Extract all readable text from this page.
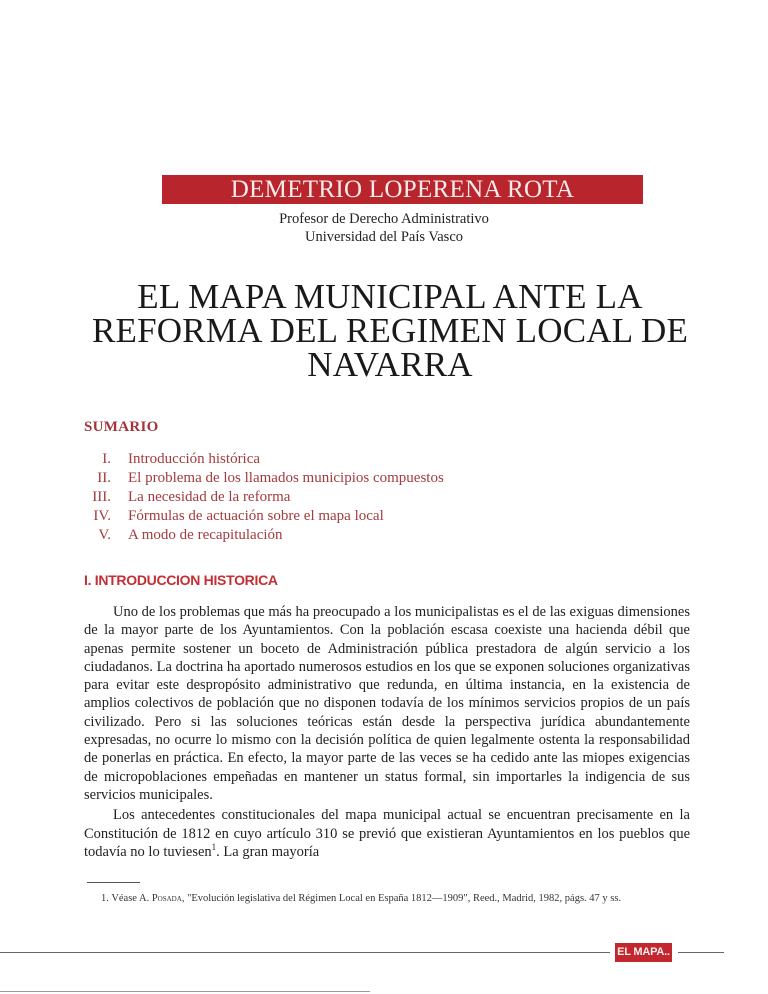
DEMETRIO LOPERENA ROTA
Profesor de Derecho Administrativo
Universidad del País Vasco
EL MAPA MUNICIPAL ANTE LA
REFORMA DEL REGIMEN LOCAL DE
NAVARRA
SUMARIO
I.	Introducción histórica
II.	El problema de los llamados municipios compuestos
III.	La necesidad de la reforma
IV.	Fórmulas de actuación sobre el mapa local
V.	A modo de recapitulación
I. INTRODUCCION HISTORICA

Uno de los problemas que más ha preocupado a los municipalistas es el de las exiguas dimensiones de la mayor parte de los Ayuntamientos. Con la población escasa coexiste una hacienda débil que apenas permite sostener un boceto de Administración pública prestadora de algún servicio a los ciudadanos. La doctrina ha aportado numerosos estudios en los que se exponen soluciones organizativas para evitar este despropósito administrativo que redunda, en última instancia, en la existencia de amplios colectivos de población que no disponen todavía de los mínimos servicios propios de un país civilizado. Pero si las soluciones teóricas están desde la perspectiva jurídica abundantemente expresadas, no ocurre lo mismo con la decisión política de quien legalmente ostenta la responsabilidad de ponerlas en práctica. En efecto, la mayor parte de las veces se ha cedido ante las miopes exigencias de micropoblaciones empeñadas en mantener un status formal, sin importarles la indigencia de sus servicios municipales.

Los antecedentes constitucionales del mapa municipal actual se encuentran precisamente en la Constitución de 1812 en cuyo artículo 310 se previó que existieran Ayuntamientos en los pueblos que todavía no lo tuviesen$^1$. La gran mayoría

1. Véase A. Posada, "Evolución legislativa del Régimen Local en España 1812—1909", Reed., Madrid, 1982, págs. 47 y ss.
EL MAPA..
